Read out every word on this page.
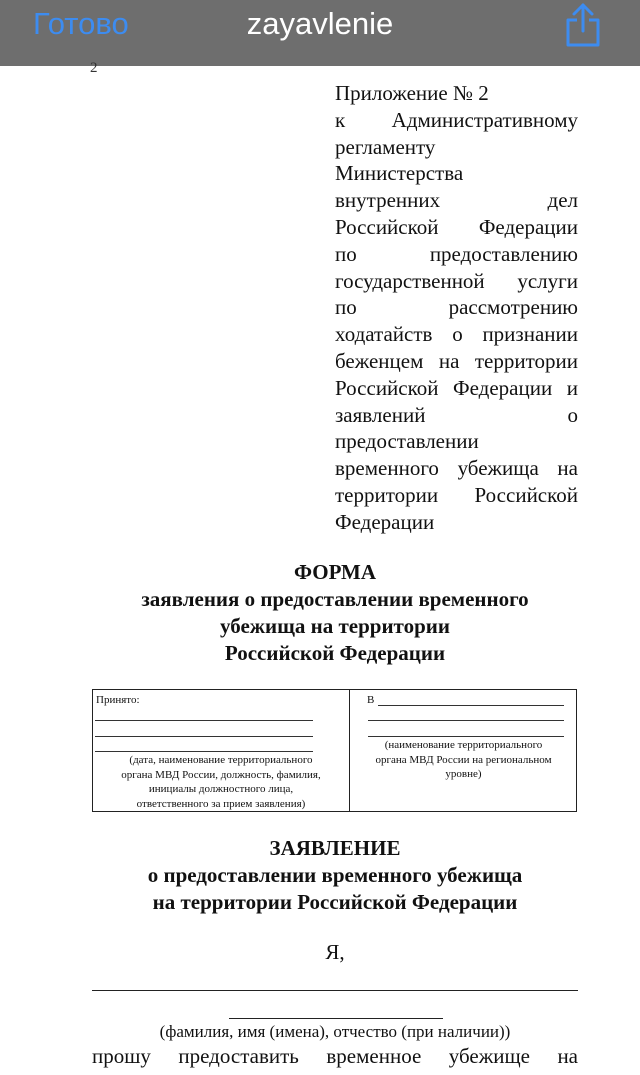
Готово	zayavlenie
2
Приложение № 2
к Административному
регламенту
Министерства
внутренних дел
Российской Федерации
по предоставлению
государственной услуги
по рассмотрению
ходатайств о признании
беженцем на территории
Российской Федерации и
заявлений о
предоставлении
временного убежища на
территории Российской
Федерации
ФОРМА
заявления о предоставлении временного
убежища на территории
Российской Федерации
Принято:
(дата, наименование территориального
органа МВД России, должность, фамилия,
инициалы должностного лица,
ответственного за прием заявления)
В
(наименование территориального
органа МВД России на региональном
уровне)
ЗАЯВЛЕНИЕ
о предоставлении временного убежища
на территории Российской Федерации
Я,
(фамилия, имя (имена), отчество (при наличии))
прошу предоставить временное убежище на
